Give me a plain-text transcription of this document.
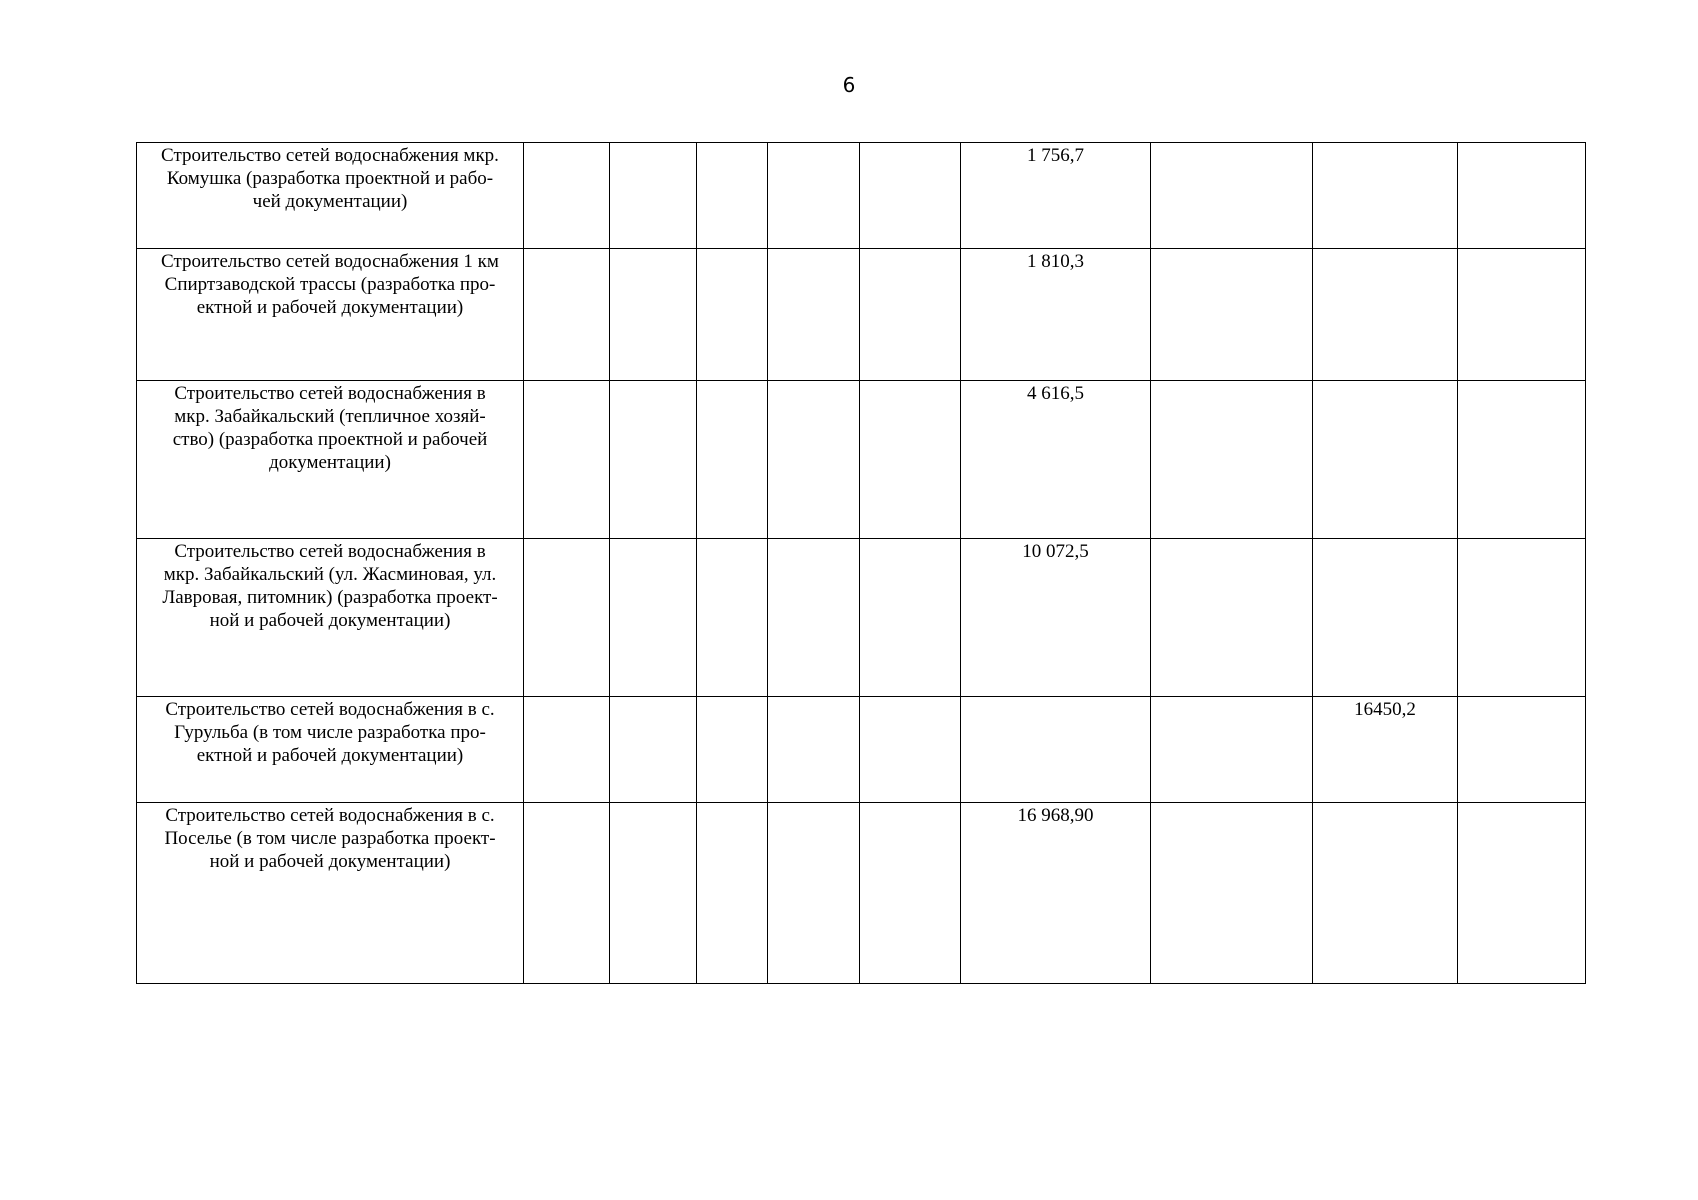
6
Строительство сетей водоснабжения мкр.
Комушка (разработка проектной и рабо-
чей документации)						1 756,7			

Строительство сетей водоснабжения 1 км
Спиртзаводской трассы (разработка про-
ектной и рабочей документации)						1 810,3			

Строительство сетей водоснабжения в
мкр. Забайкальский (тепличное хозяй-
ство) (разработка проектной и рабочей
документации)						4 616,5			

Строительство сетей водоснабжения в
мкр. Забайкальский (ул. Жасминовая, ул.
Лавровая, питомник) (разработка проект-
ной и рабочей документации)						10 072,5			

Строительство сетей водоснабжения в с.
Гурульба (в том числе разработка про-
ектной и рабочей документации)								16450,2	

Строительство сетей водоснабжения в с.
Поселье (в том числе разработка проект-
ной и рабочей документации)						16 968,90			
